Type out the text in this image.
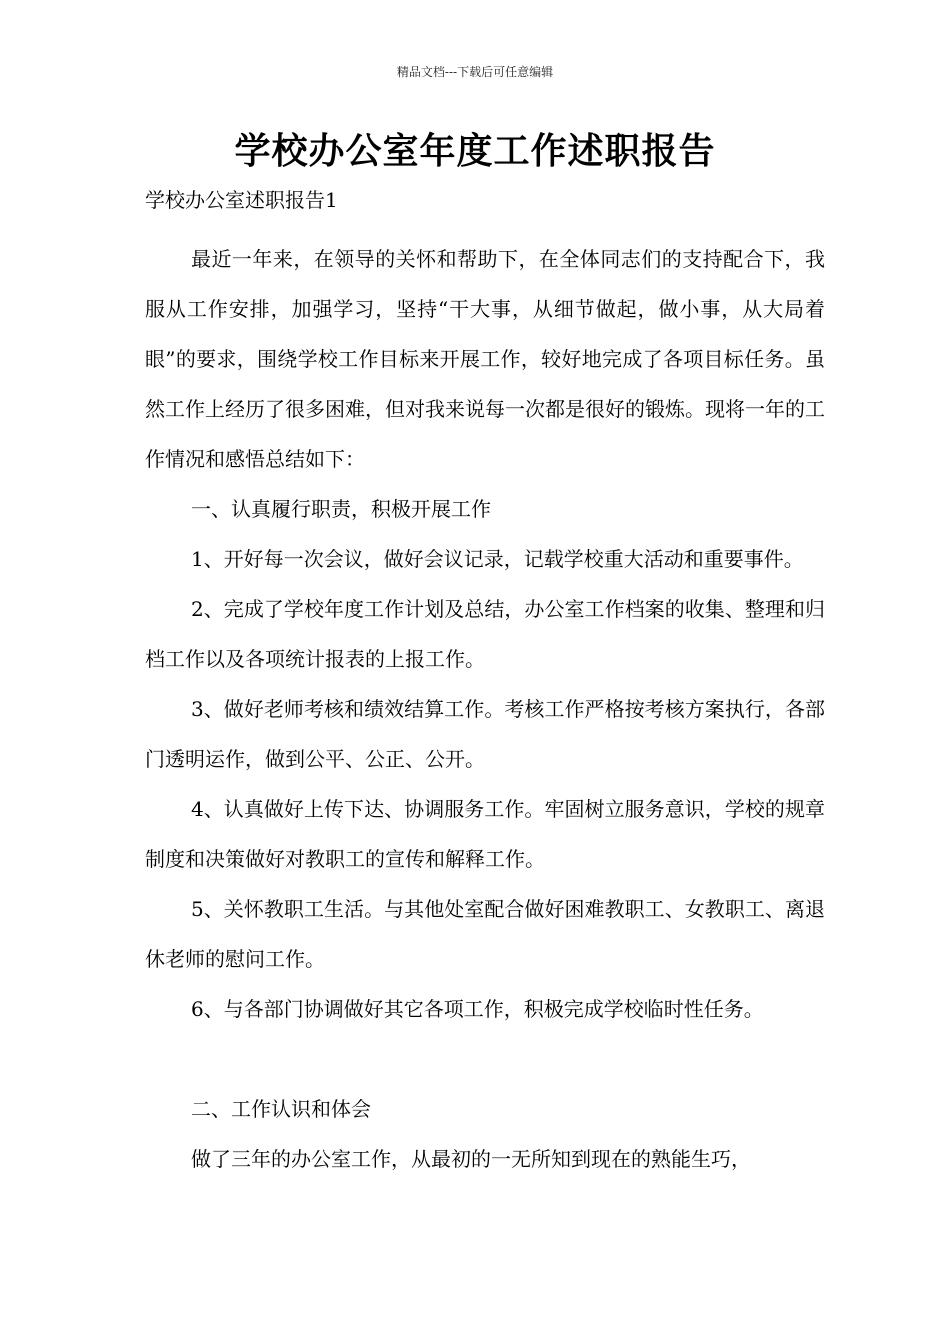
精品文档---下载后可任意编辑
学校办公室年度工作述职报告
学校办公室述职报告1

最近一年来，在领导的关怀和帮助下，在全体同志们的支持配合下，我服从工作安排，加强学习，坚持“干大事，从细节做起，做小事，从大局着眼”的要求，围绕学校工作目标来开展工作，较好地完成了各项目标任务。虽然工作上经历了很多困难，但对我来说每一次都是很好的锻炼。现将一年的工作情况和感悟总结如下：

一、认真履行职责，积极开展工作

1、开好每一次会议，做好会议记录，记载学校重大活动和重要事件。

2、完成了学校年度工作计划及总结，办公室工作档案的收集、整理和归档工作以及各项统计报表的上报工作。

3、做好老师考核和绩效结算工作。考核工作严格按考核方案执行，各部门透明运作，做到公平、公正、公开。

4、认真做好上传下达、协调服务工作。牢固树立服务意识，学校的规章制度和决策做好对教职工的宣传和解释工作。

5、关怀教职工生活。与其他处室配合做好困难教职工、女教职工、离退休老师的慰问工作。

6、与各部门协调做好其它各项工作，积极完成学校临时性任务。

二、工作认识和体会

做了三年的办公室工作，从最初的一无所知到现在的熟能生巧，
